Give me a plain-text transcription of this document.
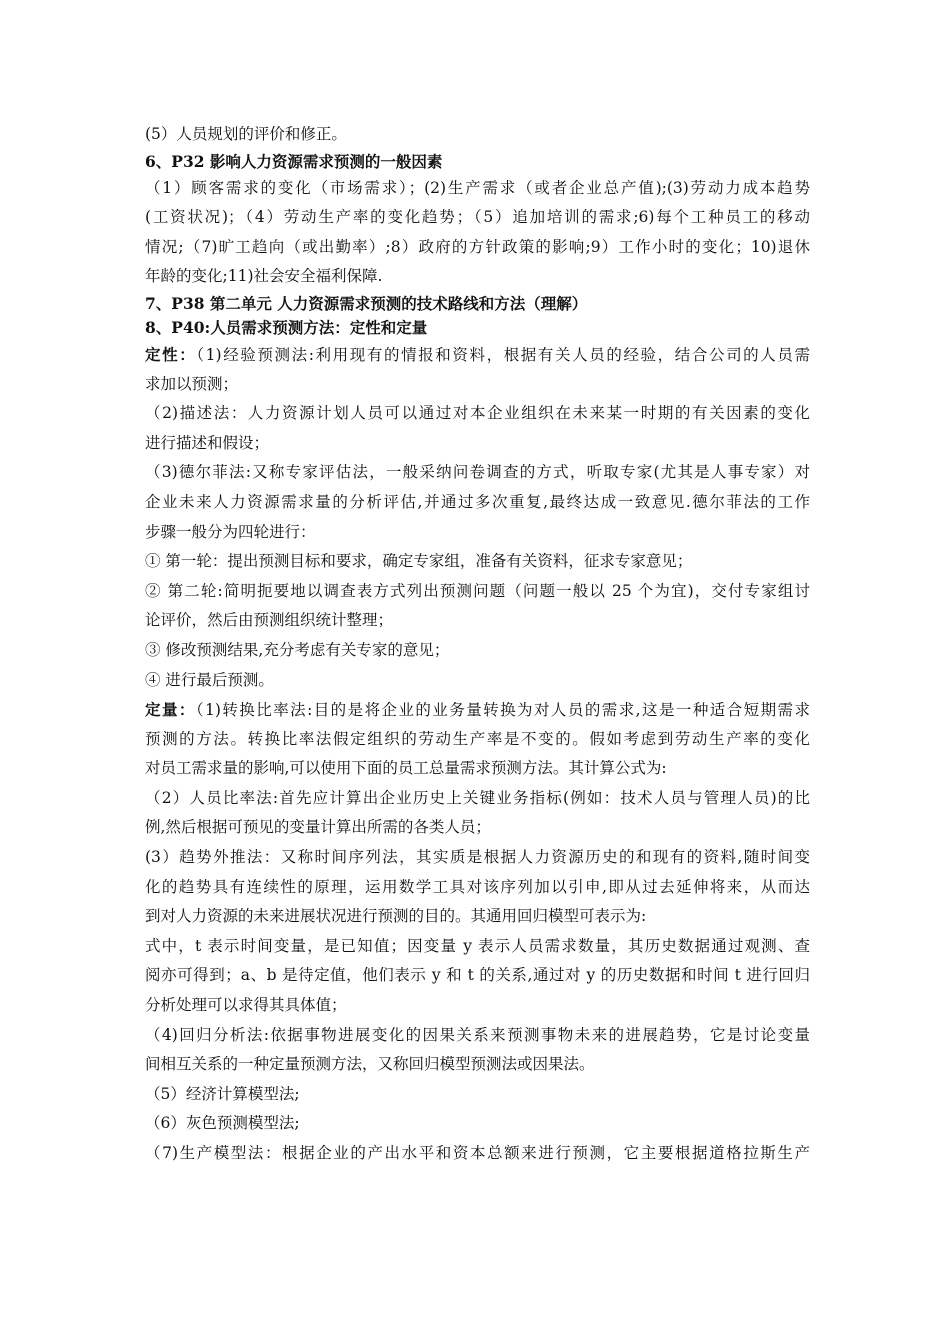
(5）人员规划的评价和修正。
6、P32 影响人力资源需求预测的一般因素
（1）顾客需求的变化（市场需求）；(2)生产需求（或者企业总产值);(3)劳动力成本趋势
(工资状况)；（4）劳动生产率的变化趋势；（5）追加培训的需求;6)每个工种员工的移动
情况;（7)旷工趋向（或出勤率）;8）政府的方针政策的影响;9）工作小时的变化；10)退休
年龄的变化;11)社会安全福利保障.
7、P38 第二单元 人力资源需求预测的技术路线和方法（理解）
8、P40:人员需求预测方法：定性和定量
定性：（1)经验预测法:利用现有的情报和资料，根据有关人员的经验，结合公司的人员需
求加以预测；
（2)描述法：人力资源计划人员可以通过对本企业组织在未来某一时期的有关因素的变化
进行描述和假设；
（3)德尔菲法:又称专家评估法，一般采纳问卷调查的方式，听取专家(尤其是人事专家）对
企业未来人力资源需求量的分析评估,并通过多次重复,最终达成一致意见.德尔菲法的工作
步骤一般分为四轮进行：
① 第一轮：提出预测目标和要求，确定专家组，准备有关资料，征求专家意见；
② 第二轮:简明扼要地以调查表方式列出预测问题（问题一般以 25 个为宜)，交付专家组讨
论评价，然后由预测组织统计整理；
③ 修改预测结果,充分考虑有关专家的意见；
④ 进行最后预测。
定量：（1)转换比率法:目的是将企业的业务量转换为对人员的需求,这是一种适合短期需求
预测的方法。转换比率法假定组织的劳动生产率是不变的。假如考虑到劳动生产率的变化
对员工需求量的影响,可以使用下面的员工总量需求预测方法。其计算公式为:
（2）人员比率法:首先应计算出企业历史上关键业务指标(例如：技术人员与管理人员)的比
例,然后根据可预见的变量计算出所需的各类人员；
(3）趋势外推法：又称时间序列法，其实质是根据人力资源历史的和现有的资料,随时间变
化的趋势具有连续性的原理，运用数学工具对该序列加以引申,即从过去延伸将来，从而达
到对人力资源的未来进展状况进行预测的目的。其通用回归模型可表示为:
式中，t 表示时间变量，是已知值；因变量 y 表示人员需求数量，其历史数据通过观测、查
阅亦可得到；a、b 是待定值，他们表示 y 和 t 的关系,通过对 y 的历史数据和时间 t 进行回归
分析处理可以求得其具体值；
（4)回归分析法:依据事物进展变化的因果关系来预测事物未来的进展趋势，它是讨论变量
间相互关系的一种定量预测方法，又称回归模型预测法或因果法。
（5）经济计算模型法;
（6）灰色预测模型法;
（7)生产模型法：根据企业的产出水平和资本总额来进行预测，它主要根据道格拉斯生产
